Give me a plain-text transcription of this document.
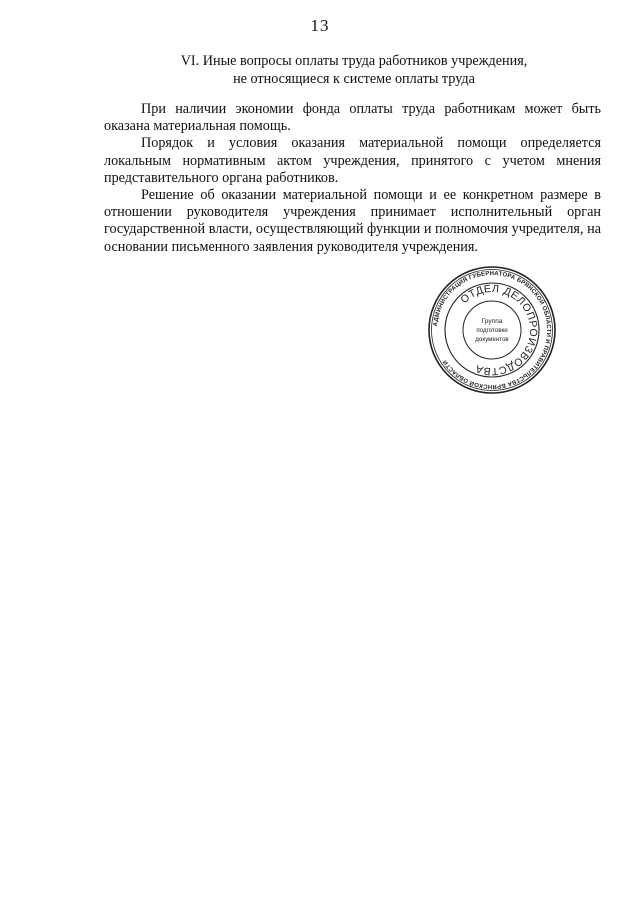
13
VI. Иные вопросы оплаты труда работников учреждения,
не относящиеся к системе оплаты труда

При наличии экономии фонда оплаты труда работникам может быть оказана материальная помощь.

Порядок и условия оказания материальной помощи определяется локальным нормативным актом учреждения, принятого с учетом мнения представительного органа работников.

Решение об оказании материальной помощи и ее конкретном размере в отношении руководителя учреждения принимает исполнительный орган государственной власти, осуществляющий функции и полномочия учредителя, на основании письменного заявления руководителя учреждения.

АДМИНИСТРАЦИЯ ГУБЕРНАТОРА БРЯНСКОЙ ОБЛАСТИ И ПРАВИТЕЛЬСТВА БРЯНСКОЙ ОБЛАСТИ
ОТДЕЛ ДЕЛОПРОИЗВОДСТВА
Группа
подготовки
документов
